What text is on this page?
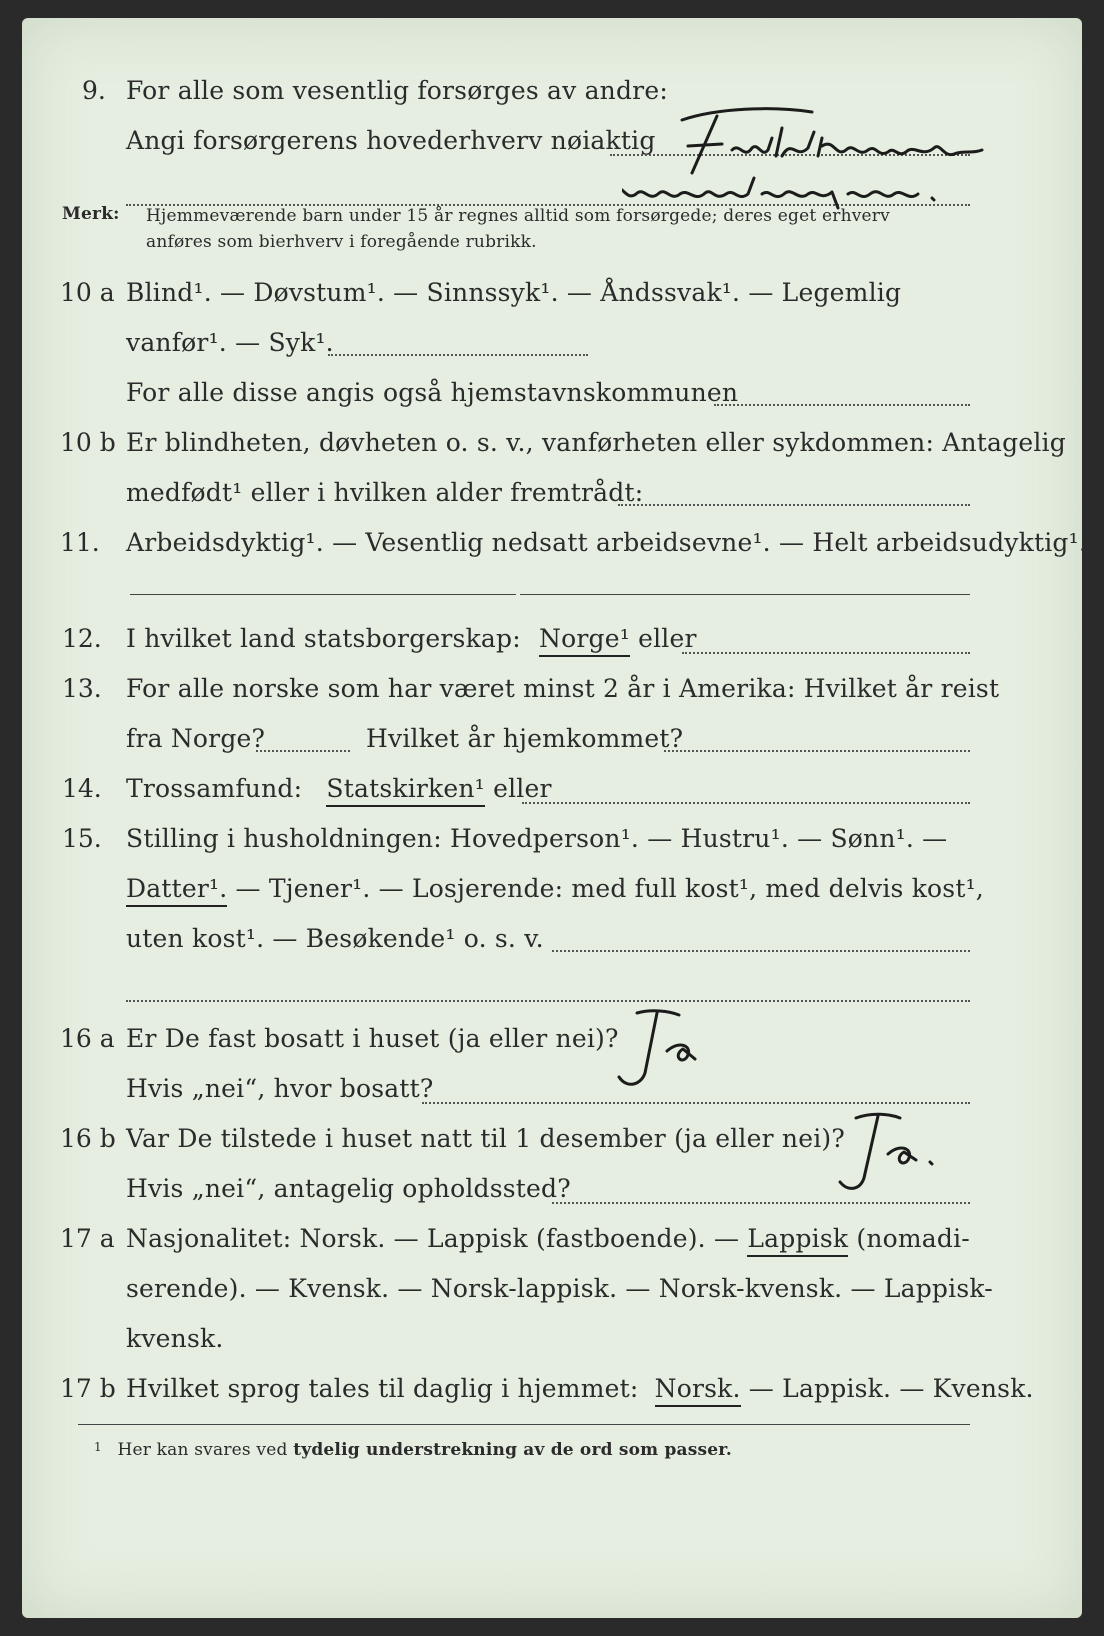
9. For alle som vesentlig forsørges av andre:
Angi forsørgerens hovederhverv nøiaktig
Merk: Hjemmeværende barn under 15 år regnes alltid som forsørgede; deres eget erhverv
anføres som bierhverv i foregående rubrikk.
10 a Blind¹. — Døvstum¹. — Sinnssyk¹. — Åndssvak¹. — Legemlig
vanfør¹. — Syk¹.
For alle disse angis også hjemstavnskommunen
10 b Er blindheten, døvheten o. s. v., vanførheten eller sykdommen: Antagelig
medfødt¹ eller i hvilken alder fremtrådt:
11. Arbeidsdyktig¹. — Vesentlig nedsatt arbeidsevne¹. — Helt arbeidsudyktig¹.
12. I hvilket land statsborgerskap: Norge¹ eller
13. For alle norske som har været minst 2 år i Amerika: Hvilket år reist
fra Norge?	Hvilket år hjemkommet?
14. Trossamfund: Statskirken¹ eller
15. Stilling i husholdningen: Hovedperson¹. — Hustru¹. — Sønn¹. —
Datter¹. — Tjener¹. — Losjerende: med full kost¹, med delvis kost¹,
uten kost¹. — Besøkende¹ o. s. v.
16 a Er De fast bosatt i huset (ja eller nei)?
Hvis „nei“, hvor bosatt?
16 b Var De tilstede i huset natt til 1 desember (ja eller nei)?
Hvis „nei“, antagelig opholdssted?
17 a Nasjonalitet: Norsk. — Lappisk (fastboende). — Lappisk (nomadi-
serende). — Kvensk. — Norsk-lappisk. — Norsk-kvensk. — Lappisk-
kvensk.
17 b Hvilket sprog tales til daglig i hjemmet: Norsk. — Lappisk. — Kvensk.
$^1$ Her kan svares ved tydelig understrekning av de ord som passer.
